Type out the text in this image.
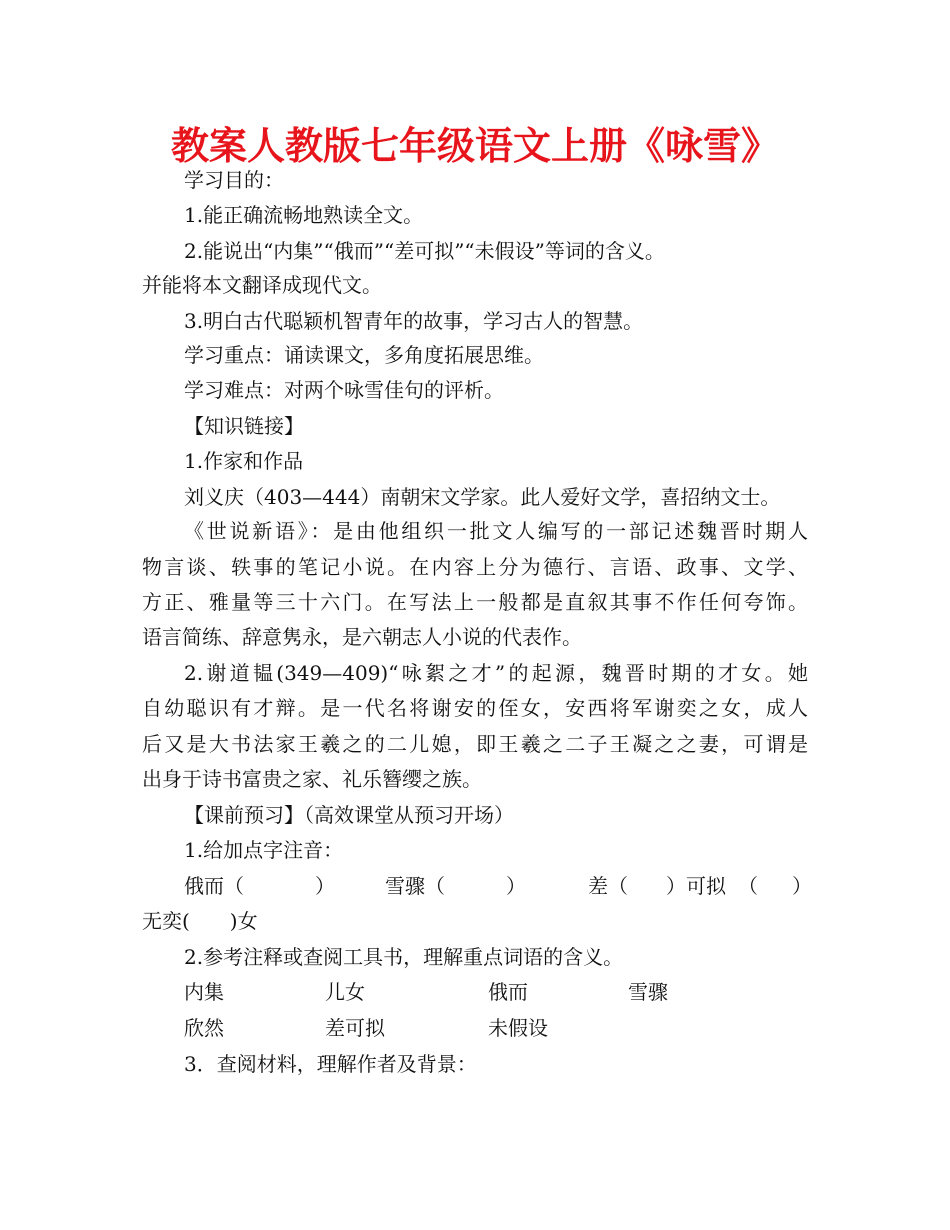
教案人教版七年级语文上册《咏雪》
学习目的：
1.能正确流畅地熟读全文。
2.能说出“内集”“俄而”“差可拟”“未假设”等词的含义。
并能将本文翻译成现代文。
3.明白古代聪颖机智青年的故事，学习古人的智慧。
学习重点：诵读课文，多角度拓展思维。
学习难点：对两个咏雪佳句的评析。
【知识链接】
1.作家和作品
刘义庆（403—444）南朝宋文学家。此人爱好文学，喜招纳文士。
《世说新语》：是由他组织一批文人编写的一部记述魏晋时期人
物言谈、轶事的笔记小说。在内容上分为德行、言语、政事、文学、
方正、雅量等三十六门。在写法上一般都是直叙其事不作任何夸饰。
语言简练、辞意隽永，是六朝志人小说的代表作。
2.谢道韫(349—409)“咏絮之才”的起源，魏晋时期的才女。她
自幼聪识有才辩。是一代名将谢安的侄女，安西将军谢奕之女，成人
后又是大书法家王羲之的二儿媳，即王羲之二子王凝之之妻，可谓是
出身于诗书富贵之家、礼乐簪缨之族。
【课前预习】（高效课堂从预习开场）
1.给加点字注音：
俄而（	）	雪骤（	）	差（ ）可拟 （ ）
无奕(　　)女
2.参考注释或查阅工具书，理解重点词语的含义。
内集	儿女	俄而	雪骤
欣然	差可拟	未假设
3．查阅材料，理解作者及背景：
